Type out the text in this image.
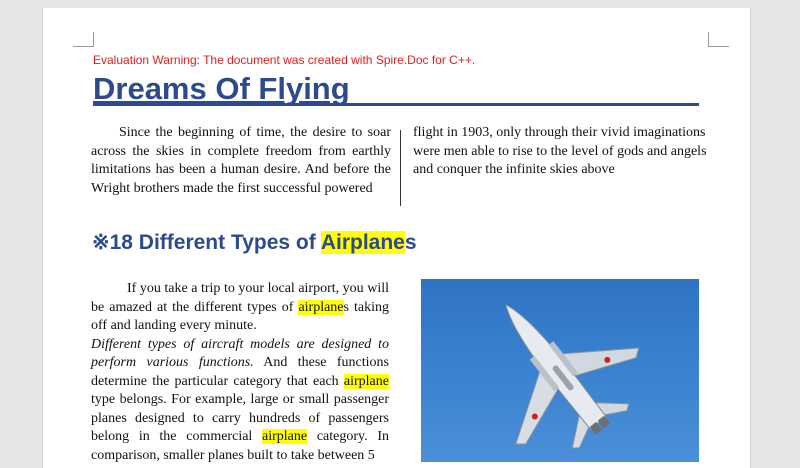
Evaluation Warning: The document was created with Spire.Doc for C++.
Dreams Of Flying
Since the beginning of time, the desire to soar across the skies in complete freedom from earthly limitations has been a human desire. And before the Wright brothers made the first successful powered
flight in 1903, only through their vivid imaginations were men able to rise to the level of gods and angels and conquer the infinite skies above
※18 Different Types of Airplanes

If you take a trip to your local airport, you will be amazed at the different types of airplanes taking off and landing every minute.

Different types of aircraft models are designed to perform various functions. And these functions determine the particular category that each airplane type belongs. For example, large or small passenger planes designed to carry hundreds of passengers belong in the commercial airplane category. In comparison, smaller planes built to take between 5
